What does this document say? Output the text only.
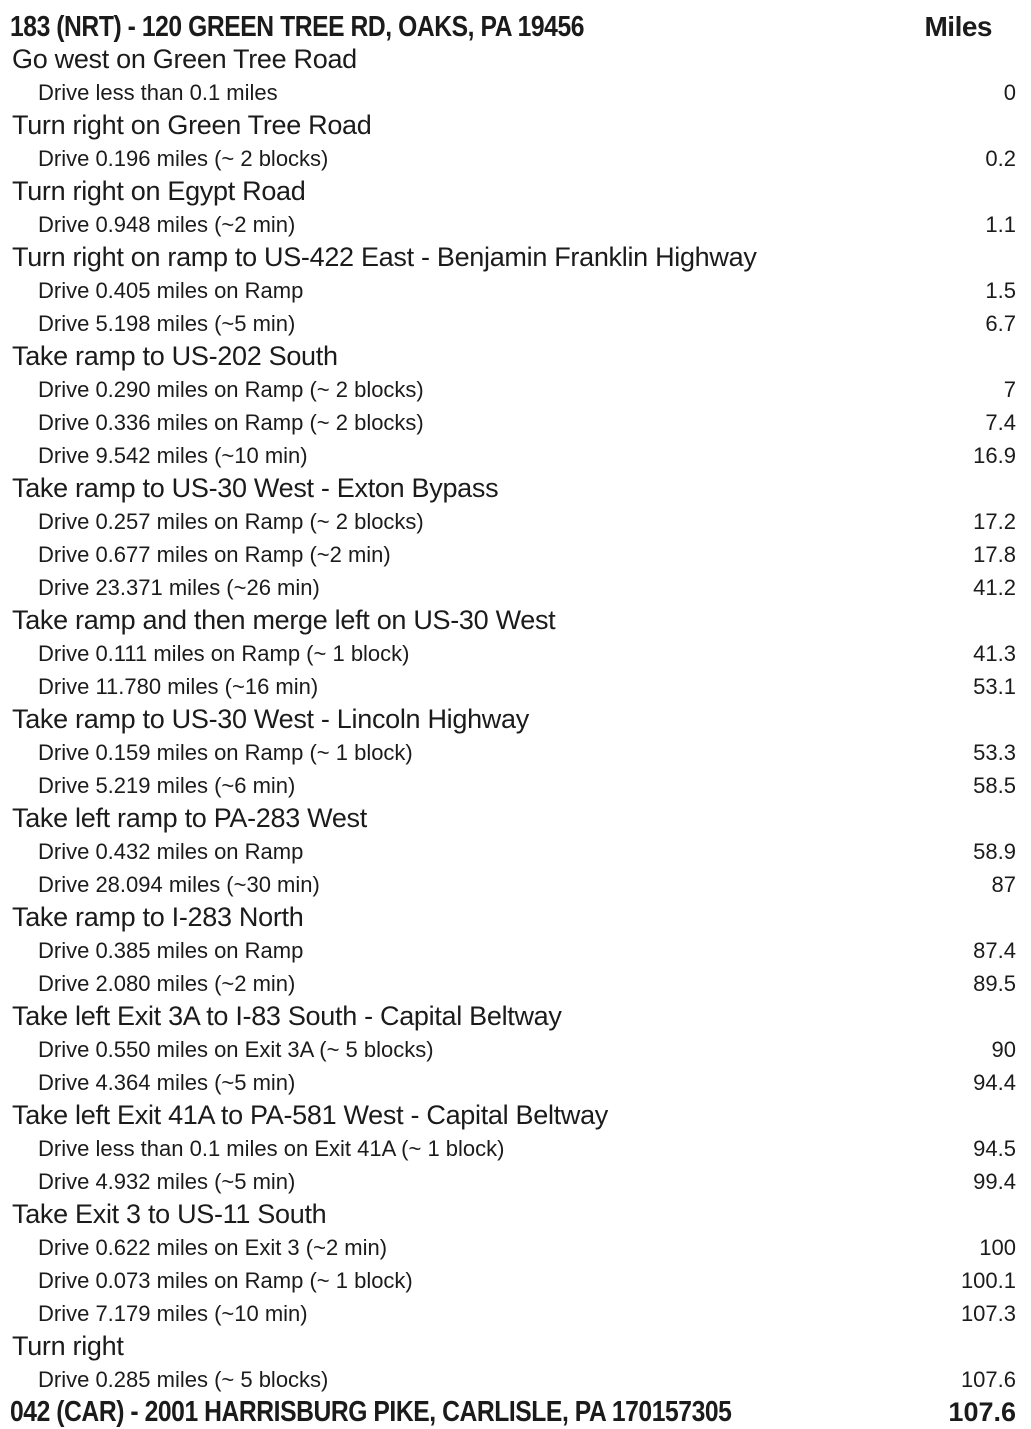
183 (NRT) - 120 GREEN TREE RD, OAKS, PA 19456	Miles
Go west on Green Tree Road
Drive less than 0.1 miles	0
Turn right on Green Tree Road
Drive 0.196 miles (~ 2 blocks)	0.2
Turn right on Egypt Road
Drive 0.948 miles (~2 min)	1.1
Turn right on ramp to US-422 East - Benjamin Franklin Highway
Drive 0.405 miles on Ramp	1.5
Drive 5.198 miles (~5 min)	6.7
Take ramp to US-202 South
Drive 0.290 miles on Ramp (~ 2 blocks)	7
Drive 0.336 miles on Ramp (~ 2 blocks)	7.4
Drive 9.542 miles (~10 min)	16.9
Take ramp to US-30 West - Exton Bypass
Drive 0.257 miles on Ramp (~ 2 blocks)	17.2
Drive 0.677 miles on Ramp (~2 min)	17.8
Drive 23.371 miles (~26 min)	41.2
Take ramp and then merge left on US-30 West
Drive 0.111 miles on Ramp (~ 1 block)	41.3
Drive 11.780 miles (~16 min)	53.1
Take ramp to US-30 West - Lincoln Highway
Drive 0.159 miles on Ramp (~ 1 block)	53.3
Drive 5.219 miles (~6 min)	58.5
Take left ramp to PA-283 West
Drive 0.432 miles on Ramp	58.9
Drive 28.094 miles (~30 min)	87
Take ramp to I-283 North
Drive 0.385 miles on Ramp	87.4
Drive 2.080 miles (~2 min)	89.5
Take left Exit 3A to I-83 South - Capital Beltway
Drive 0.550 miles on Exit 3A (~ 5 blocks)	90
Drive 4.364 miles (~5 min)	94.4
Take left Exit 41A to PA-581 West - Capital Beltway
Drive less than 0.1 miles on Exit 41A (~ 1 block)	94.5
Drive 4.932 miles (~5 min)	99.4
Take Exit 3 to US-11 South
Drive 0.622 miles on Exit 3 (~2 min)	100
Drive 0.073 miles on Ramp (~ 1 block)	100.1
Drive 7.179 miles (~10 min)	107.3
Turn right
Drive 0.285 miles (~ 5 blocks)	107.6
042 (CAR) - 2001 HARRISBURG PIKE, CARLISLE, PA 170157305	107.6
